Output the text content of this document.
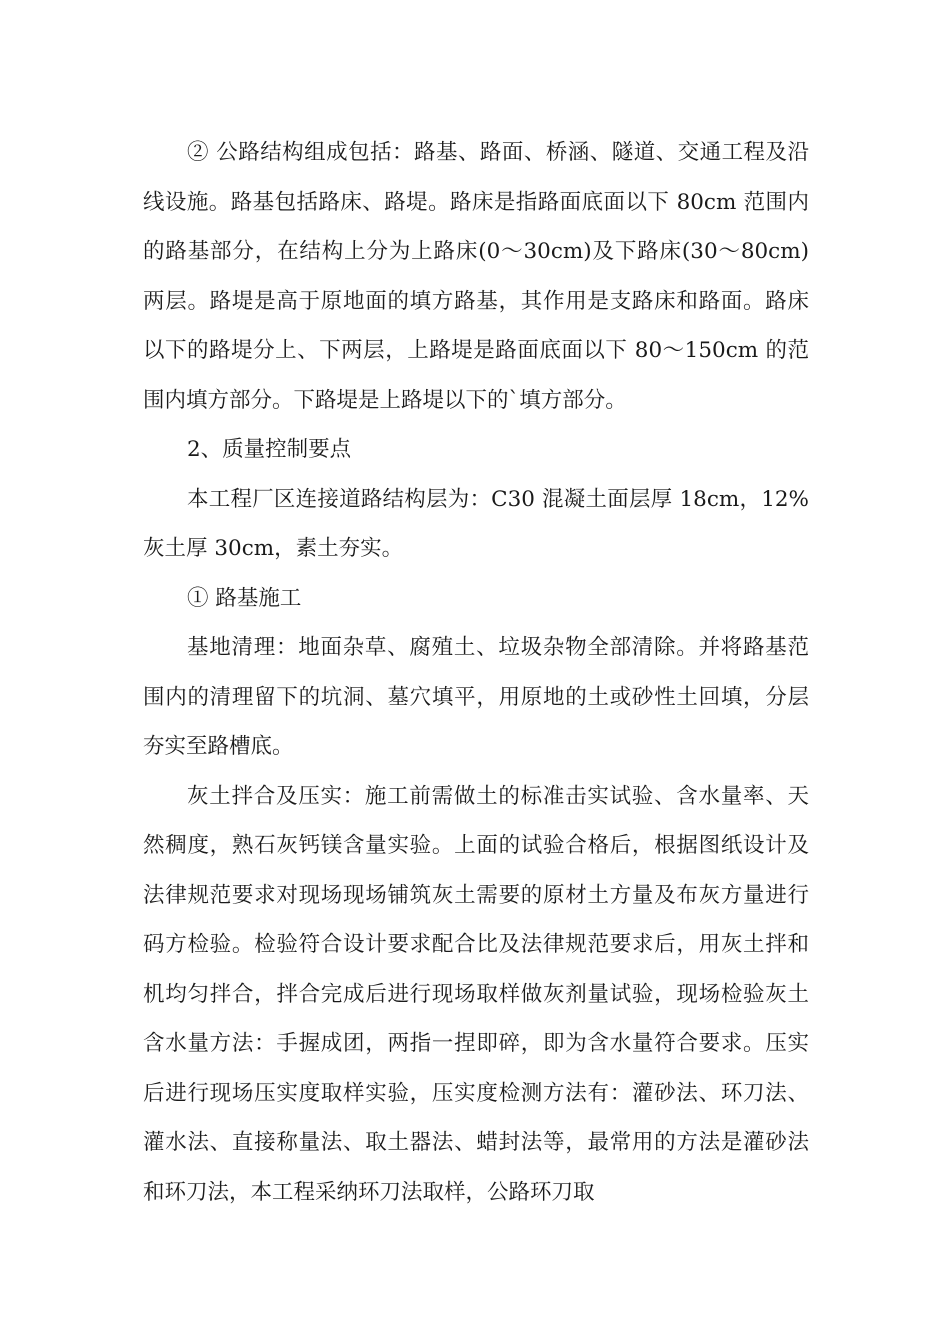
② 公路结构组成包括：路基、路面、桥涵、隧道、交通工程及沿线设施。路基包括路床、路堤。路床是指路面底面以下 80cm 范围内的路基部分，在结构上分为上路床(0～30cm)及下路床(30～80cm)两层。路堤是高于原地面的填方路基，其作用是支路床和路面。路床以下的路堤分上、下两层，上路堤是路面底面以下 80～150cm 的范围内填方部分。下路堤是上路堤以下的`填方部分。

2、质量控制要点

本工程厂区连接道路结构层为：C30 混凝土面层厚 18cm，12%灰土厚 30cm，素土夯实。

① 路基施工

基地清理：地面杂草、腐殖土、垃圾杂物全部清除。并将路基范围内的清理留下的坑洞、墓穴填平，用原地的土或砂性土回填，分层夯实至路槽底。

灰土拌合及压实：施工前需做土的标准击实试验、含水量率、天然稠度，熟石灰钙镁含量实验。上面的试验合格后，根据图纸设计及法律规范要求对现场现场铺筑灰土需要的原材土方量及布灰方量进行码方检验。检验符合设计要求配合比及法律规范要求后，用灰土拌和机均匀拌合，拌合完成后进行现场取样做灰剂量试验，现场检验灰土含水量方法：手握成团，两指一捏即碎，即为含水量符合要求。压实后进行现场压实度取样实验，压实度检测方法有：灌砂法、环刀法、灌水法、直接称量法、取土器法、蜡封法等，最常用的方法是灌砂法和环刀法，本工程采纳环刀法取样，公路环刀取
